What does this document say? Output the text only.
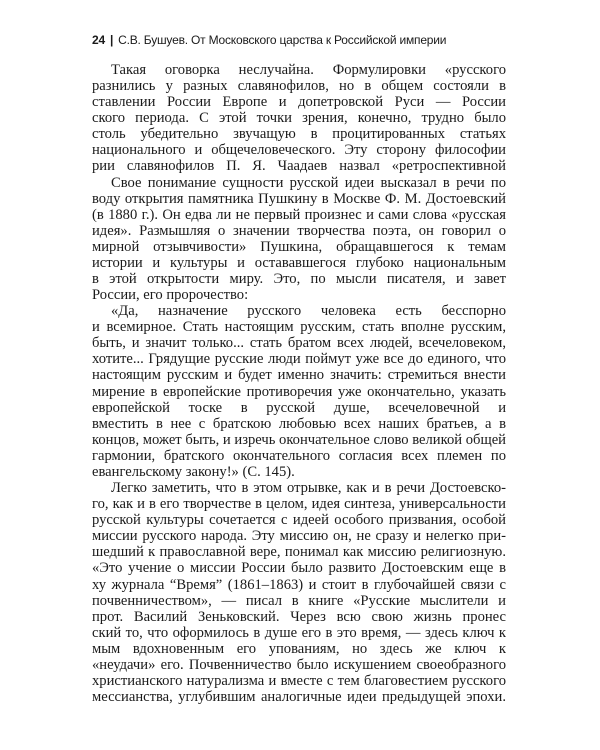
24 | С.В. Бушуев. От Московского царства к Российской империи
Такая оговорка неслучайна. Формулировки «русского
разнились у разных славянофилов, но в общем состояли в
ставлении России Европе и допетровской Руси — России
ского периода. С этой точки зрения, конечно, трудно было
столь убедительно звучащую в процитированных статьях
национального и общечеловеческого. Эту сторону философии
рии славянофилов П. Я. Чаадаев назвал «ретроспективной
Свое понимание сущности русской идеи высказал в речи по
воду открытия памятника Пушкину в Москве Ф. М. Достоевский
(в 1880 г.). Он едва ли не первый произнес и сами слова «русская
идея». Размышляя о значении творчества поэта, он говорил о
мирной отзывчивости» Пушкина, обращавшегося к темам
истории и культуры и остававшегося глубоко национальным
в этой открытости миру. Это, по мысли писателя, и завет
России, его пророчество:
«Да, назначение русского человека есть бесспорно
и всемирное. Стать настоящим русским, стать вполне русским,
быть, и значит только... стать братом всех людей, всечеловеком,
хотите... Грядущие русские люди поймут уже все до единого, что
настоящим русским и будет именно значить: стремиться внести
мирение в европейские противоречия уже окончательно, указать
европейской тоске в русской душе, всечеловечной и
вместить в нее с братскою любовью всех наших братьев, а в
концов, может быть, и изречь окончательное слово великой общей
гармонии, братского окончательного согласия всех племен по
евангельскому закону!» (С. 145).
Легко заметить, что в этом отрывке, как и в речи Достоевско-
го, как и в его творчестве в целом, идея синтеза, универсальности
русской культуры сочетается с идеей особого призвания, особой
миссии русского народа. Эту миссию он, не сразу и нелегко при-
шедший к православной вере, понимал как миссию религиозную.
«Это учение о миссии России было развито Достоевским еще в
ху журнала “Время” (1861–1863) и стоит в глубочайшей связи с
почвенничеством», — писал в книге «Русские мыслители и
прот. Василий Зеньковский. Через всю свою жизнь пронес
ский то, что оформилось в душе его в это время, — здесь ключ к
мым вдохновенным его упованиям, но здесь же ключ к
«неудачи» его. Почвенничество было искушением своеобразного
христианского натурализма и вместе с тем благовестием русского
мессианства, углубившим аналогичные идеи предыдущей эпохи.
